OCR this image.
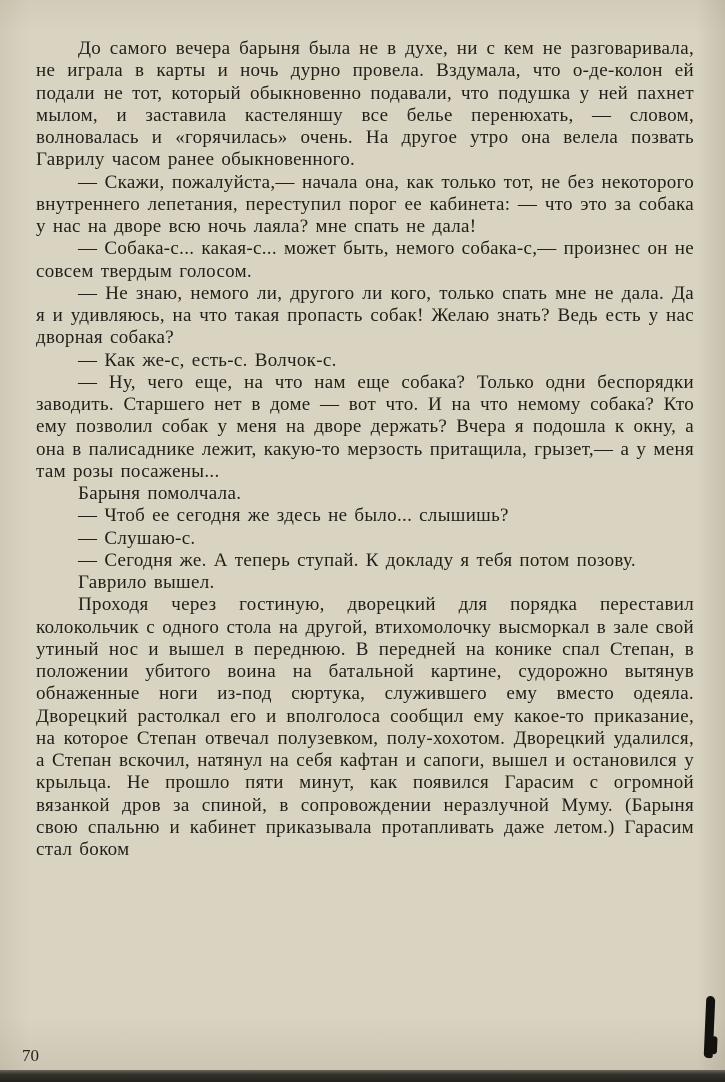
До самого вечера барыня была не в духе, ни с кем не разговаривала, не играла в карты и ночь дурно провела. Вздумала, что о-де-колон ей подали не тот, который обыкновенно подавали, что подушка у ней пахнет мылом, и заставила кастеляншу все белье перенюхать, — словом, волновалась и «горячилась» очень. На другое утро она велела позвать Гаврилу часом ранее обыкновенного.

— Скажи, пожалуйста,— начала она, как только тот, не без некоторого внутреннего лепетания, переступил порог ее кабинета: — что это за собака у нас на дворе всю ночь лаяла? мне спать не дала!

— Собака-с... какая-с... может быть, немого собака-с,— произнес он не совсем твердым голосом.

— Не знаю, немого ли, другого ли кого, только спать мне не дала. Да я и удивляюсь, на что такая пропасть собак! Желаю знать? Ведь есть у нас дворная собака?

— Как же-с, есть-с. Волчок-с.

— Ну, чего еще, на что нам еще собака? Только одни беспорядки заводить. Старшего нет в доме — вот что. И на что немому собака? Кто ему позволил собак у меня на дворе держать? Вчера я подошла к окну, а она в палисаднике лежит, какую-то мерзость притащила, грызет,— а у меня там розы посажены...

Барыня помолчала.

— Чтоб ее сегодня же здесь не было... слышишь?

— Слушаю-с.

— Сегодня же. А теперь ступай. К докладу я тебя потом позову.

Гаврило вышел.

Проходя через гостиную, дворецкий для порядка переставил колокольчик с одного стола на другой, втихомолочку высморкал в зале свой утиный нос и вышел в переднюю. В передней на конике спал Степан, в положении убитого воина на батальной картине, судорожно вытянув обнаженные ноги из-под сюртука, служившего ему вместо одеяла. Дворецкий растолкал его и вполголоса сообщил ему какое-то приказание, на которое Степан отвечал полузевком, полу-хохотом. Дворецкий удалился, а Степан вскочил, натянул на себя кафтан и сапоги, вышел и остановился у крыльца. Не прошло пяти минут, как появился Гарасим с огромной вязанкой дров за спиной, в сопровождении неразлучной Муму. (Барыня свою спальню и кабинет приказывала протапливать даже летом.) Гарасим стал боком

70
